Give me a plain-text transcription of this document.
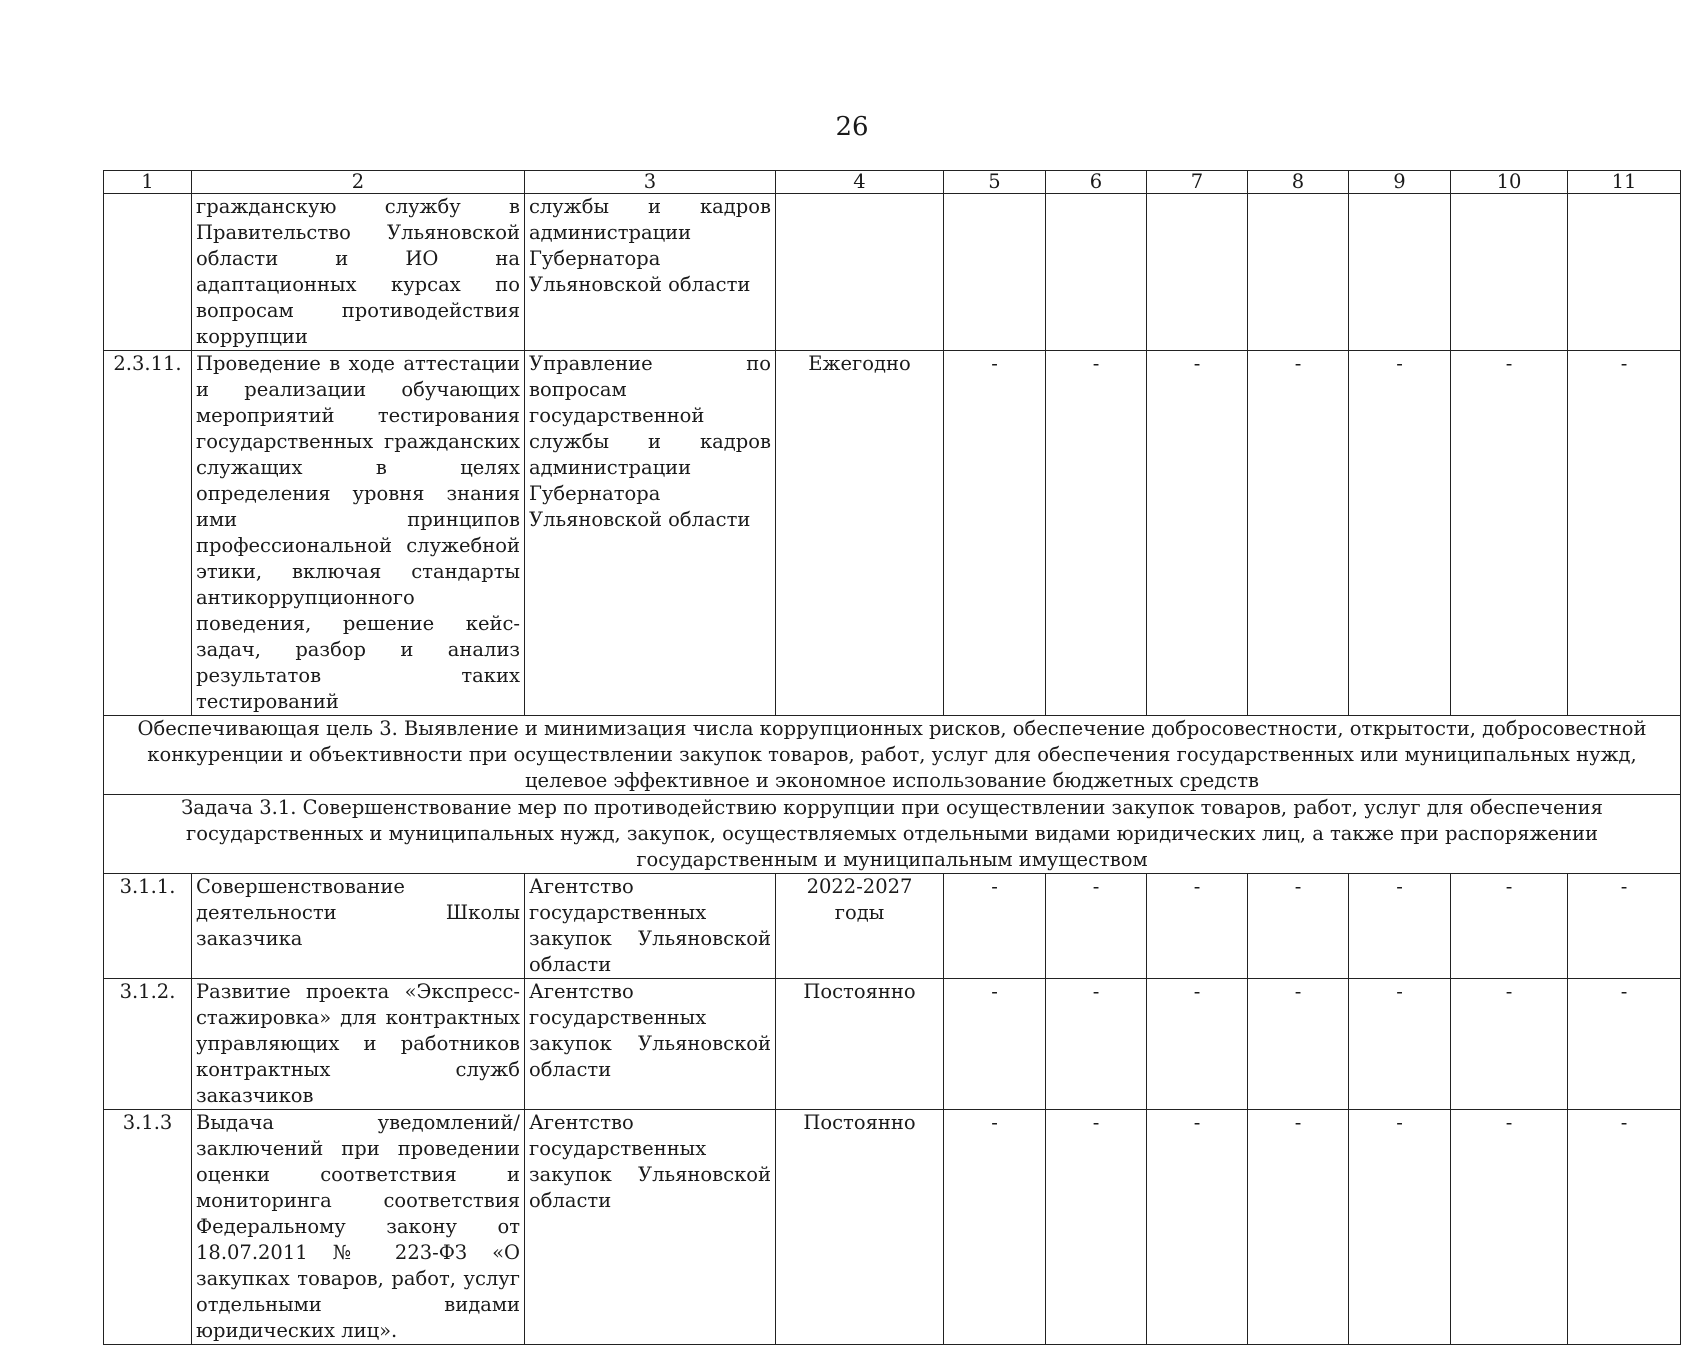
26
1	2	3	4	5	6	7	8	9	10	11
	гражданскую службу в Правительство Ульяновской области и ИО на адаптационных курсах по вопросам противодействия коррупции	службы и кадров администрации Губернатора Ульяновской области								
2.3.11.	Проведение в ходе аттестации и реализации обучающих мероприятий тестирования государственных гражданских служащих в целях определения уровня знания ими принципов профессиональной служебной этики, включая стандарты антикоррупционного поведения, решение кейс-задач, разбор и анализ результатов таких тестирований	Управление по вопросам государственной службы и кадров администрации Губернатора Ульяновской области	Ежегодно	-	-	-	-	-	-	-
Обеспечивающая цель 3. Выявление и минимизация числа коррупционных рисков, обеспечение добросовестности, открытости, добросовестной конкуренции и объективности при осуществлении закупок товаров, работ, услуг для обеспечения государственных или муниципальных нужд, целевое эффективное и экономное использование бюджетных средств										
Задача 3.1. Совершенствование мер по противодействию коррупции при осуществлении закупок товаров, работ, услуг для обеспечения государственных и муниципальных нужд, закупок, осуществляемых отдельными видами юридических лиц, а также при распоряжении государственным и муниципальным имуществом										
3.1.1.	Совершенствование деятельности Школы заказчика	Агентство государственных закупок Ульяновской области	2022-2027 годы	-	-	-	-	-	-	-
3.1.2.	Развитие проекта «Экспресс-стажировка» для контрактных управляющих и работников контрактных служб заказчиков	Агентство государственных закупок Ульяновской области	Постоянно	-	-	-	-	-	-	-
3.1.3	Выдача уведомлений/заключений при проведении оценки соответствия и мониторинга соответствия Федеральному закону от 18.07.2011 № 223-ФЗ «О закупках товаров, работ, услуг отдельными видами юридических лиц».	Агентство государственных закупок Ульяновской области	Постоянно	-	-	-	-	-	-	-
